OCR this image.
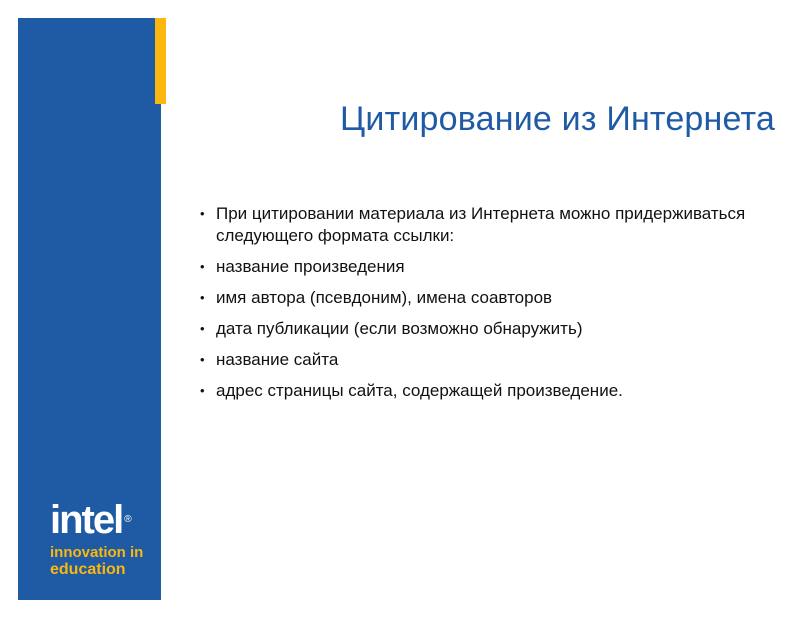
Цитирование из Интернета
• При цитировании материала из Интернета можно придерживаться следующего формата ссылки:
• название произведения
• имя автора (псевдоним), имена соавторов
• дата публикации (если возможно обнаружить)
• название сайта
• адрес страницы сайта, содержащей произведение.
intel ®
innovation in
education
